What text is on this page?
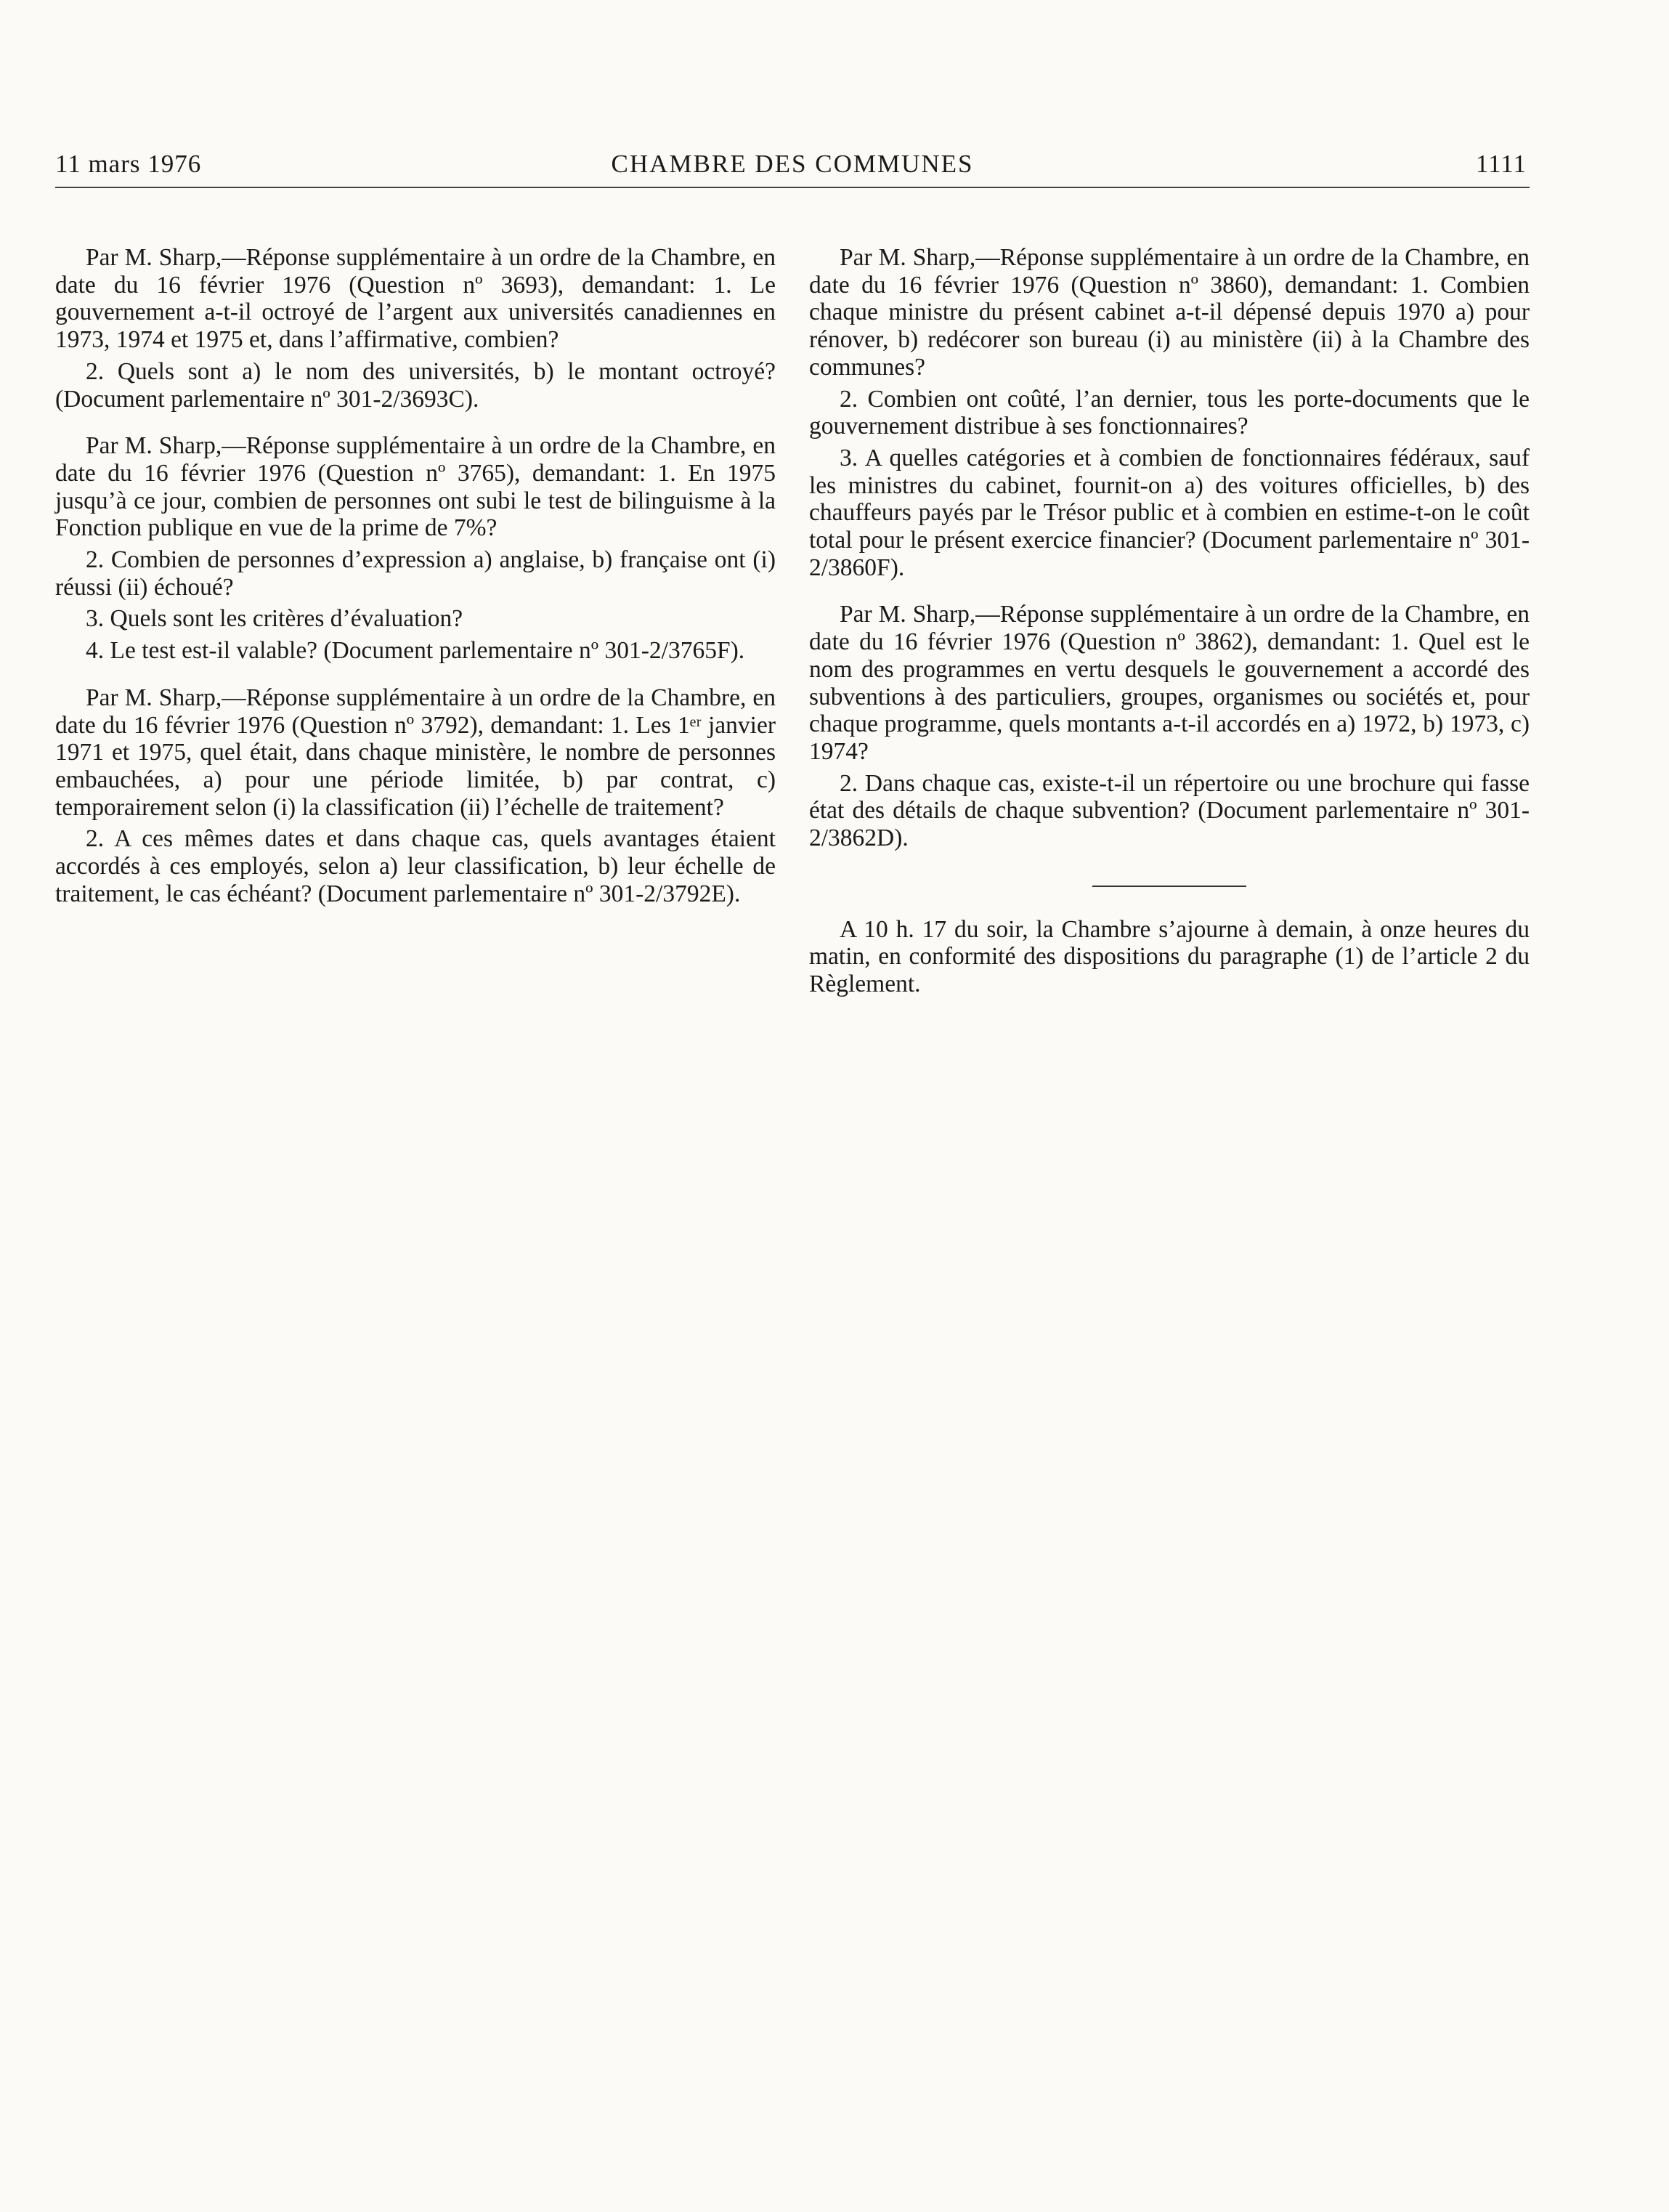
11 mars 1976	CHAMBRE DES COMMUNES	1111

Par M. Sharp,—Réponse supplémentaire à un ordre de la Chambre, en date du 16 février 1976 (Question nº 3693), demandant: 1. Le gouvernement a-t-il octroyé de l’argent aux universités canadiennes en 1973, 1974 et 1975 et, dans l’affirmative, combien?

2. Quels sont a) le nom des universités, b) le montant octroyé? (Document parlementaire nº 301-2/3693C).

Par M. Sharp,—Réponse supplémentaire à un ordre de la Chambre, en date du 16 février 1976 (Question nº 3765), demandant: 1. En 1975 jusqu’à ce jour, combien de personnes ont subi le test de bilinguisme à la Fonction publique en vue de la prime de 7%?

2. Combien de personnes d’expression a) anglaise, b) française ont (i) réussi (ii) échoué?

3. Quels sont les critères d’évaluation?

4. Le test est-il valable? (Document parlementaire nº 301-2/3765F).

Par M. Sharp,—Réponse supplémentaire à un ordre de la Chambre, en date du 16 février 1976 (Question nº 3792), demandant: 1. Les 1ᵉʳ janvier 1971 et 1975, quel était, dans chaque ministère, le nombre de personnes embauchées, a) pour une période limitée, b) par contrat, c) temporairement selon (i) la classification (ii) l’échelle de traitement?

2. A ces mêmes dates et dans chaque cas, quels avantages étaient accordés à ces employés, selon a) leur classification, b) leur échelle de traitement, le cas échéant? (Document parlementaire nº 301-2/3792E).

Par M. Sharp,—Réponse supplémentaire à un ordre de la Chambre, en date du 16 février 1976 (Question nº 3860), demandant: 1. Combien chaque ministre du présent cabinet a-t-il dépensé depuis 1970 a) pour rénover, b) redécorer son bureau (i) au ministère (ii) à la Chambre des communes?

2. Combien ont coûté, l’an dernier, tous les porte-documents que le gouvernement distribue à ses fonctionnaires?

3. A quelles catégories et à combien de fonctionnaires fédéraux, sauf les ministres du cabinet, fournit-on a) des voitures officielles, b) des chauffeurs payés par le Trésor public et à combien en estime-t-on le coût total pour le présent exercice financier? (Document parlementaire nº 301-2/3860F).

Par M. Sharp,—Réponse supplémentaire à un ordre de la Chambre, en date du 16 février 1976 (Question nº 3862), demandant: 1. Quel est le nom des programmes en vertu desquels le gouvernement a accordé des subventions à des particuliers, groupes, organismes ou sociétés et, pour chaque programme, quels montants a-t-il accordés en a) 1972, b) 1973, c) 1974?

2. Dans chaque cas, existe-t-il un répertoire ou une brochure qui fasse état des détails de chaque subvention? (Document parlementaire nº 301-2/3862D).

A 10 h. 17 du soir, la Chambre s’ajourne à demain, à onze heures du matin, en conformité des dispositions du paragraphe (1) de l’article 2 du Règlement.
